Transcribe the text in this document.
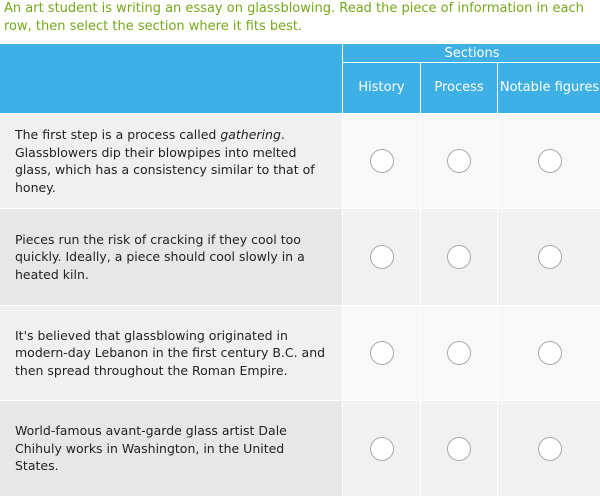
An art student is writing an essay on glassblowing. Read the piece of information in each row, then select the section where it fits best.
Sections
History	Process	Notable figures
The first step is a process called gathering. Glassblowers dip their blowpipes into melted glass, which has a consistency similar to that of honey.
Pieces run the risk of cracking if they cool too quickly. Ideally, a piece should cool slowly in a heated kiln.
It's believed that glassblowing originated in modern-day Lebanon in the first century B.C. and then spread throughout the Roman Empire.
World-famous avant-garde glass artist Dale Chihuly works in Washington, in the United States.
